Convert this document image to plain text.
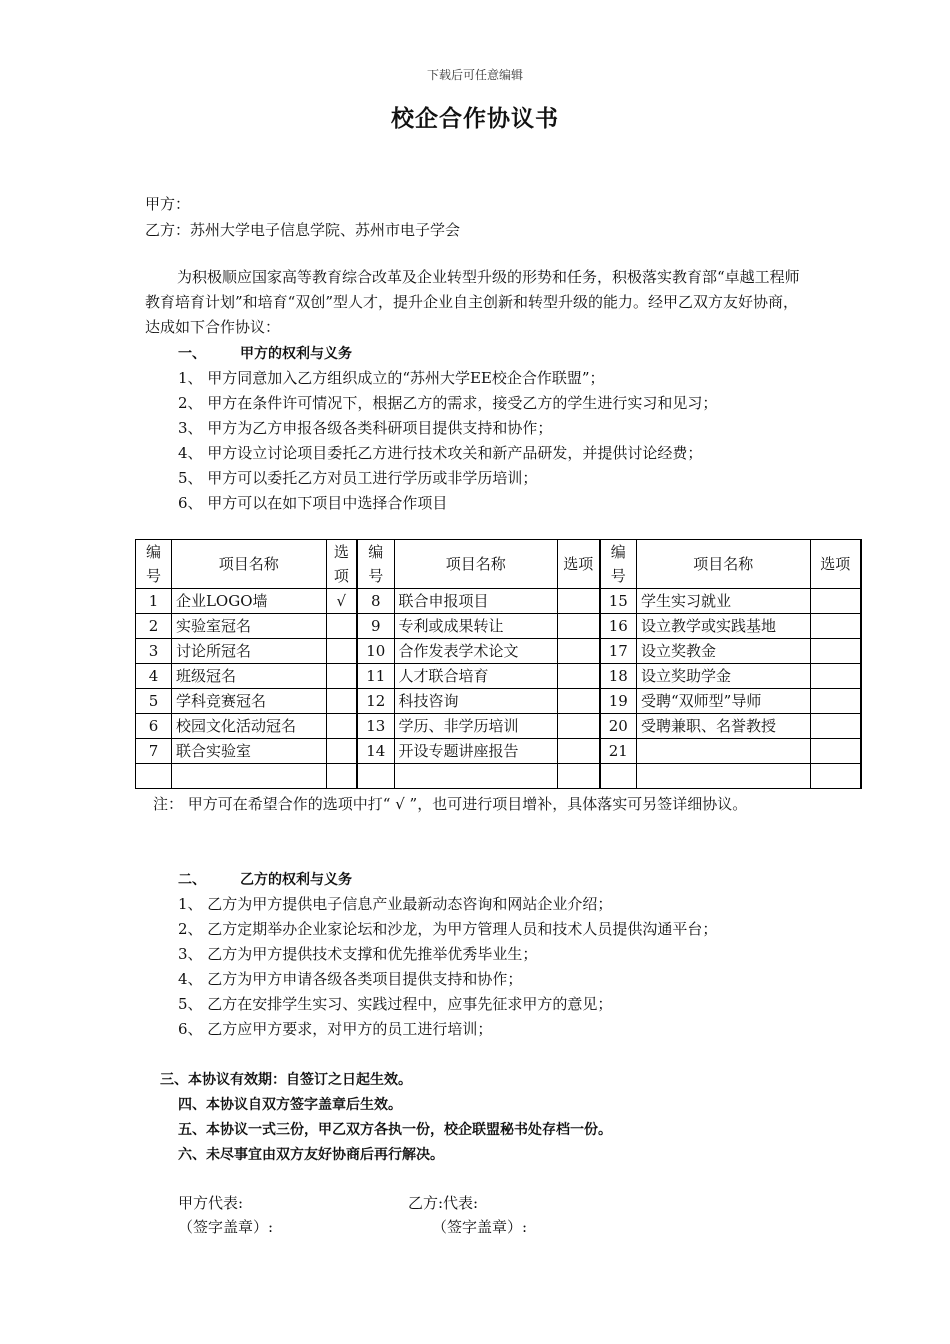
下载后可任意编辑
校企合作协议书
甲方：
乙方：苏州大学电子信息学院、苏州市电子学会
为积极顺应国家高等教育综合改革及企业转型升级的形势和任务，积极落实教育部“卓越工程师教育培育计划”和培育“双创”型人才，提升企业自主创新和转型升级的能力。经甲乙双方友好协商，达成如下合作协议：
一、 甲方的权利与义务
1、 甲方同意加入乙方组织成立的“苏州大学EE校企合作联盟”；
2、 甲方在条件许可情况下，根据乙方的需求，接受乙方的学生进行实习和见习；
3、 甲方为乙方申报各级各类科研项目提供支持和协作；
4、 甲方设立讨论项目委托乙方进行技术攻关和新产品研发，并提供讨论经费；
5、 甲方可以委托乙方对员工进行学历或非学历培训；
6、 甲方可以在如下项目中选择合作项目
编号	项目名称	选项	编号	项目名称	选项	编号	项目名称	选项
1	企业LOGO墙	√	8	联合申报项目		15	学生实习就业	
2	实验室冠名		9	专利或成果转让		16	设立教学或实践基地	
3	讨论所冠名		10	合作发表学术论文		17	设立奖教金	
4	班级冠名		11	人才联合培育		18	设立奖助学金	
5	学科竞赛冠名		12	科技咨询		19	受聘“双师型”导师	
6	校园文化活动冠名		13	学历、非学历培训		20	受聘兼职、名誉教授	
7	联合实验室		14	开设专题讲座报告		21		

注： 甲方可在希望合作的选项中打“ √ ”，也可进行项目增补，具体落实可另签详细协议。
二、 乙方的权利与义务
1、 乙方为甲方提供电子信息产业最新动态咨询和网站企业介绍；
2、 乙方定期举办企业家论坛和沙龙，为甲方管理人员和技术人员提供沟通平台；
3、 乙方为甲方提供技术支撑和优先推举优秀毕业生；
4、 乙方为甲方申请各级各类项目提供支持和协作；
5、 乙方在安排学生实习、实践过程中，应事先征求甲方的意见；
6、 乙方应甲方要求，对甲方的员工进行培训；
三、本协议有效期：自签订之日起生效。
四、本协议自双方签字盖章后生效。
五、本协议一式三份，甲乙双方各执一份，校企联盟秘书处存档一份。
六、未尽事宜由双方友好协商后再行解决。
甲方代表:
（签字盖章）:
乙方:代表:
（签字盖章）:
